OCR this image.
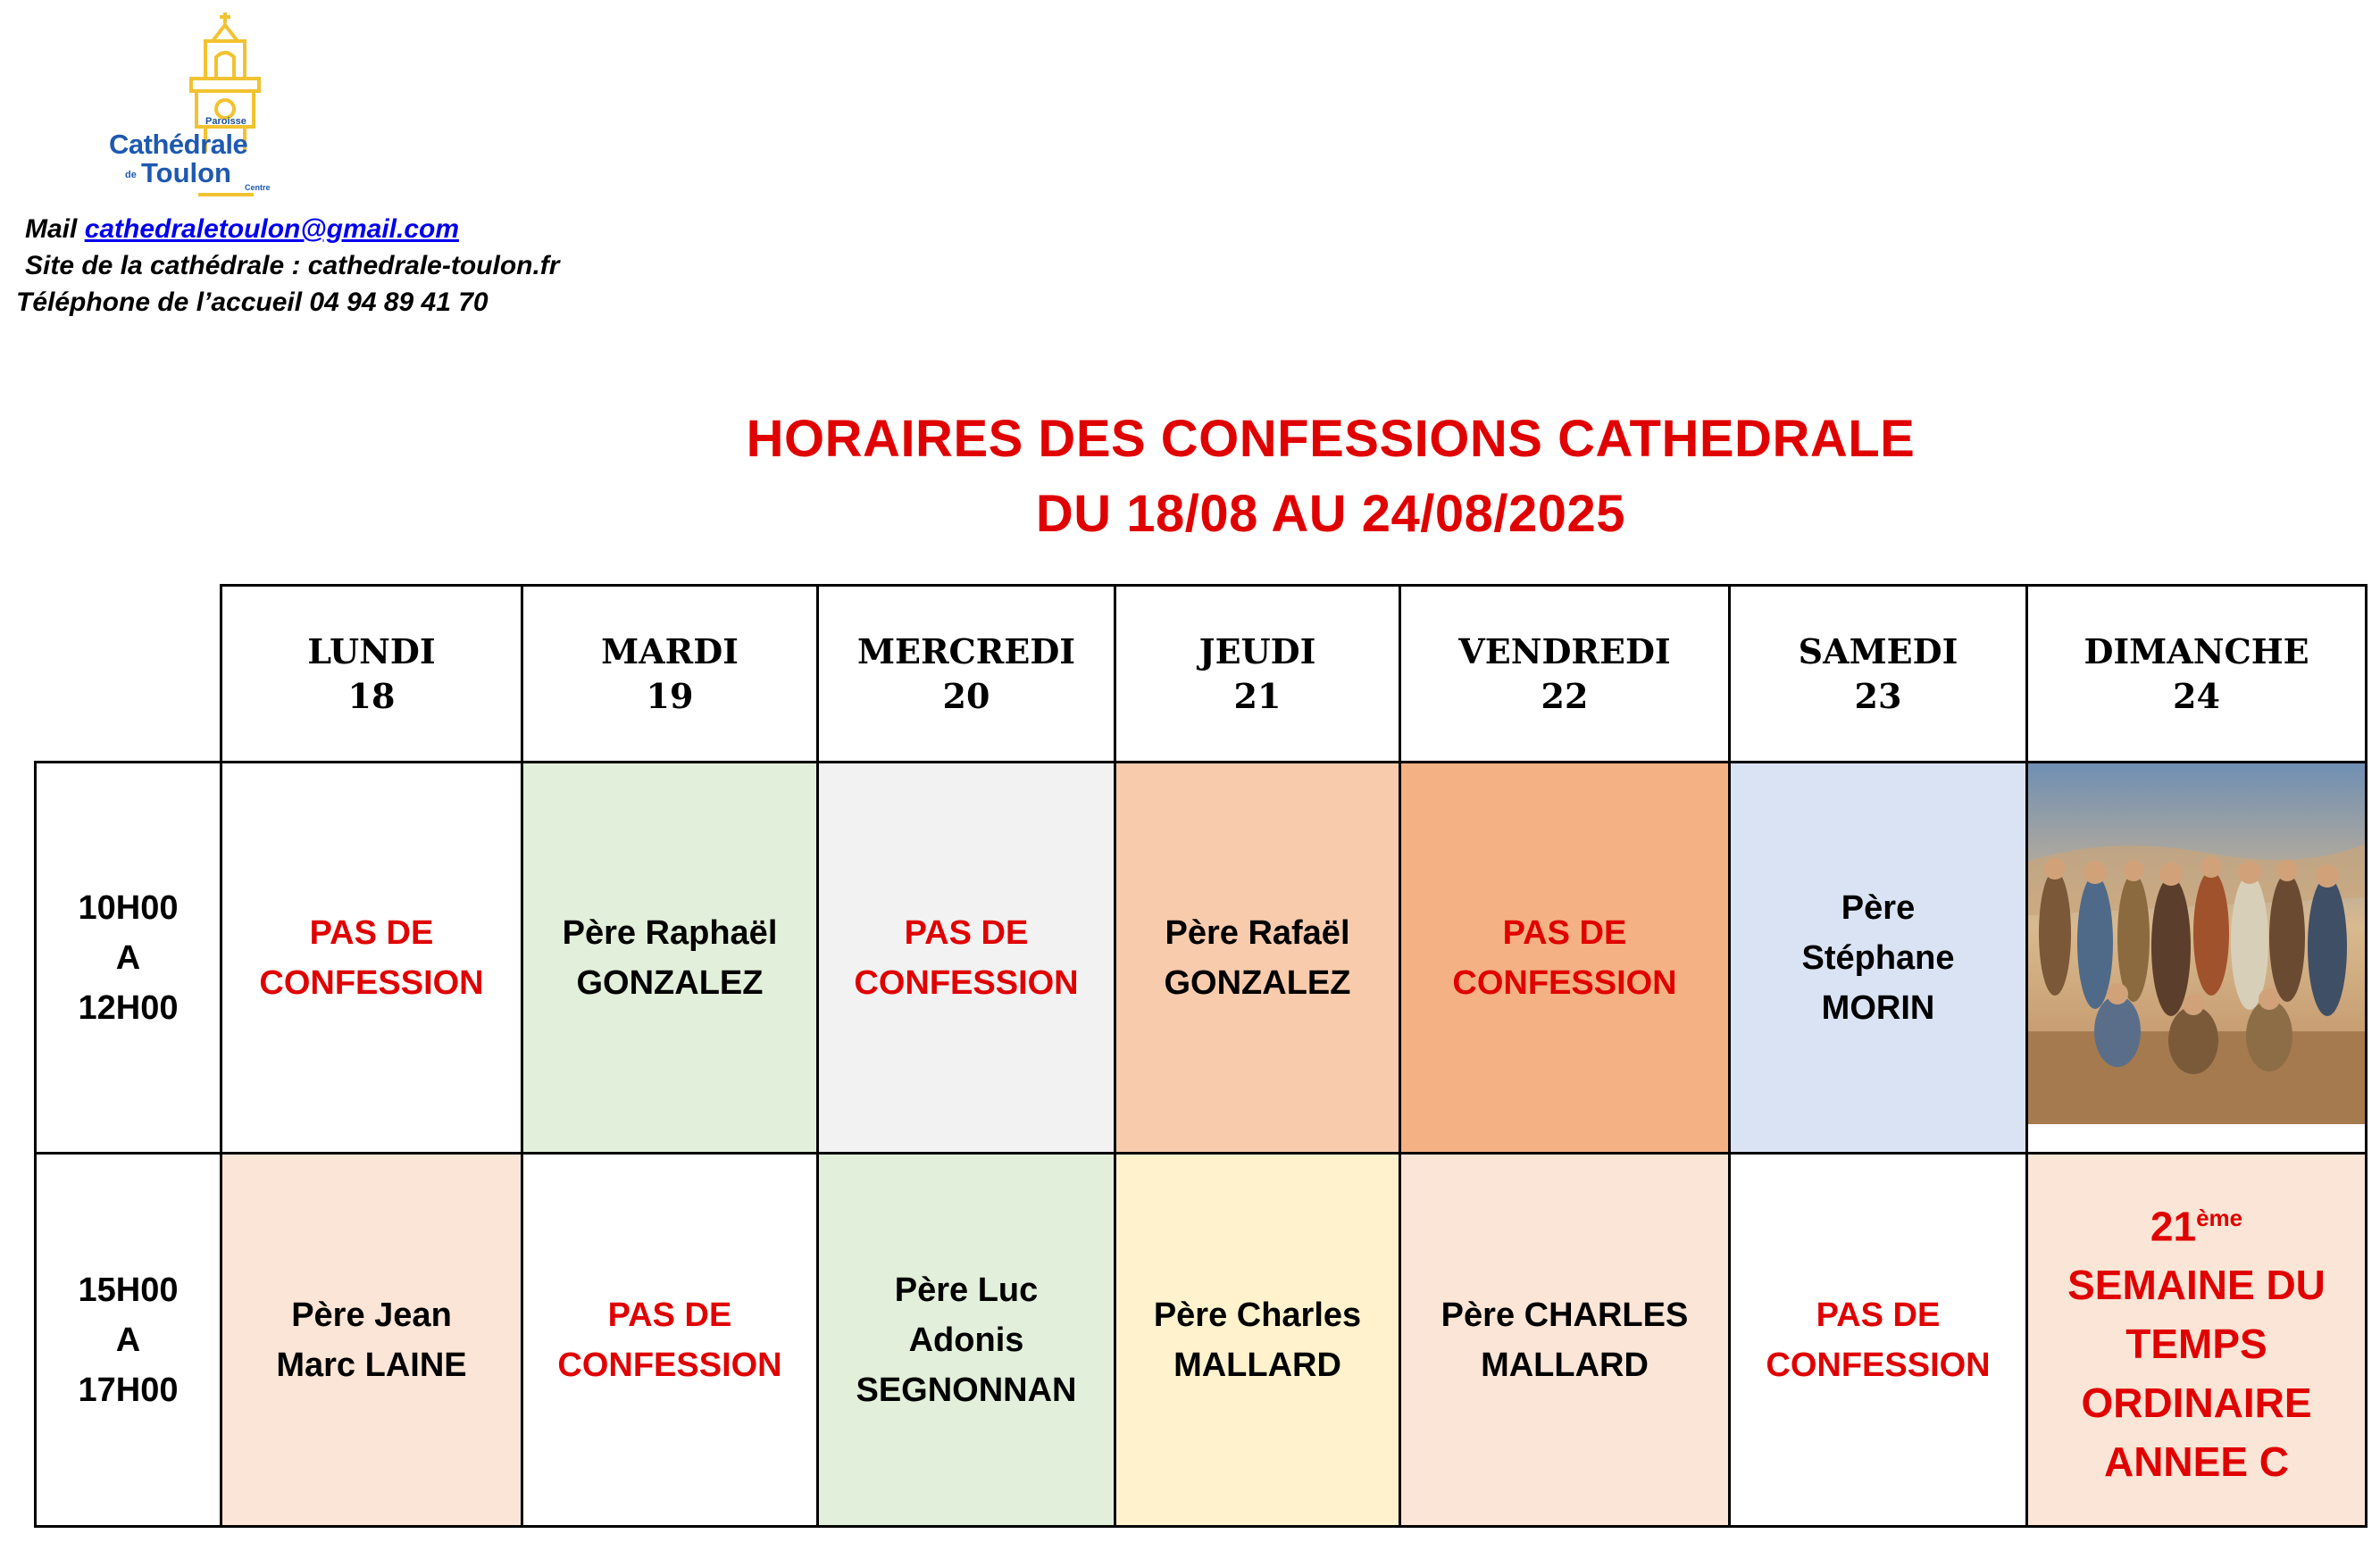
Paroisse
Cathédrale
de Toulon Centre
Mail cathedraletoulon@gmail.com
Site de la cathédrale : cathedrale-toulon.fr
Téléphone de l’accueil 04 94 89 41 70
HORAIRES DES CONFESSIONS CATHEDRALE
DU 18/08 AU 24/08/2025
LUNDI
18
MARDI
19
MERCREDI
20
JEUDI
21
VENDREDI
22
SAMEDI
23
DIMANCHE
24
10H00
A
12H00
15H00
A
17H00
PAS DE
CONFESSION
Père Raphaël
GONZALEZ
PAS DE
CONFESSION
Père Rafaël
GONZALEZ
PAS DE
CONFESSION
Père
Stéphane
MORIN
Père Jean
Marc LAINE
PAS DE
CONFESSION
Père Luc
Adonis
SEGNONNAN
Père Charles
MALLARD
Père CHARLES
MALLARD
PAS DE
CONFESSION
21ème
SEMAINE DU
TEMPS
ORDINAIRE
ANNEE C
